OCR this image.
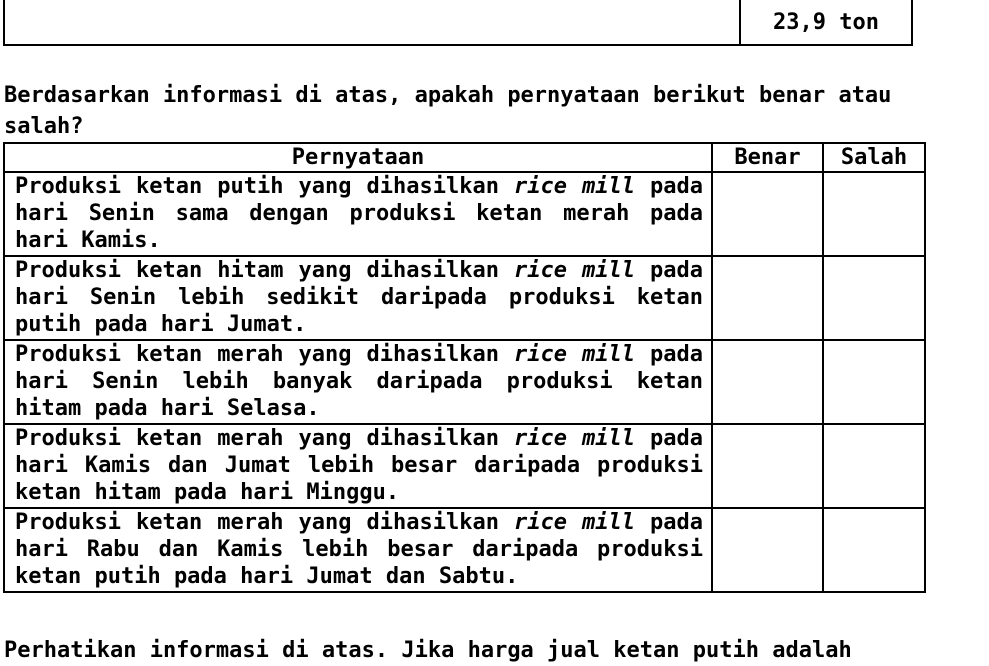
	23,9 ton

Berdasarkan informasi di atas, apakah pernyataan berikut benar atau salah?

Pernyataan	Benar	Salah
Produksi ketan putih yang dihasilkan rice mill pada hari Senin sama dengan produksi ketan merah pada hari Kamis.		
Produksi ketan hitam yang dihasilkan rice mill pada hari Senin lebih sedikit daripada produksi ketan putih pada hari Jumat.		
Produksi ketan merah yang dihasilkan rice mill pada hari Senin lebih banyak daripada produksi ketan hitam pada hari Selasa.		
Produksi ketan merah yang dihasilkan rice mill pada hari Kamis dan Jumat lebih besar daripada produksi ketan hitam pada hari Minggu.		
Produksi ketan merah yang dihasilkan rice mill pada hari Rabu dan Kamis lebih besar daripada produksi ketan putih pada hari Jumat dan Sabtu.		

Perhatikan informasi di atas. Jika harga jual ketan putih adalah
